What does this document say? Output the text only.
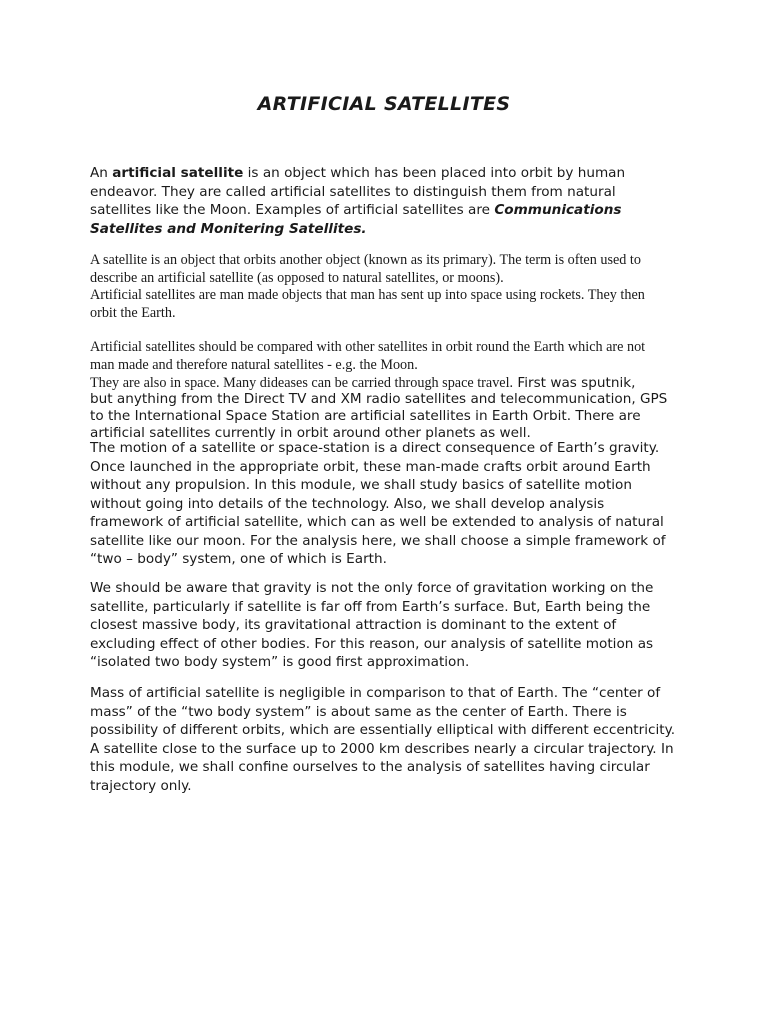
ARTIFICIAL SATELLITES

An artificial satellite is an object which has been placed into orbit by human
endeavor. They are called artificial satellites to distinguish them from natural
satellites like the Moon. Examples of artificial satellites are Communications
Satellites and Monitering Satellites.

A satellite is an object that orbits another object (known as its primary). The term is often used to
describe an artificial satellite (as opposed to natural satellites, or moons).
Artificial satellites are man made objects that man has sent up into space using rockets. They then
orbit the Earth.

Artificial satellites should be compared with other satellites in orbit round the Earth which are not
man made and therefore natural satellites - e.g. the Moon.

They are also in space. Many dideases can be carried through space travel. First was sputnik,

but anything from the Direct TV and XM radio satellites and telecommunication, GPS
to the International Space Station are artificial satellites in Earth Orbit. There are
artificial satellites currently in orbit around other planets as well.

The motion of a satellite or space-station is a direct consequence of Earth’s gravity.
Once launched in the appropriate orbit, these man-made crafts orbit around Earth
without any propulsion. In this module, we shall study basics of satellite motion
without going into details of the technology. Also, we shall develop analysis
framework of artificial satellite, which can as well be extended to analysis of natural
satellite like our moon. For the analysis here, we shall choose a simple framework of
“two – body” system, one of which is Earth.

We should be aware that gravity is not the only force of gravitation working on the
satellite, particularly if satellite is far off from Earth’s surface. But, Earth being the
closest massive body, its gravitational attraction is dominant to the extent of
excluding effect of other bodies. For this reason, our analysis of satellite motion as
“isolated two body system” is good first approximation.

Mass of artificial satellite is negligible in comparison to that of Earth. The “center of
mass” of the “two body system” is about same as the center of Earth. There is
possibility of different orbits, which are essentially elliptical with different eccentricity.
A satellite close to the surface up to 2000 km describes nearly a circular trajectory. In
this module, we shall confine ourselves to the analysis of satellites having circular
trajectory only.
